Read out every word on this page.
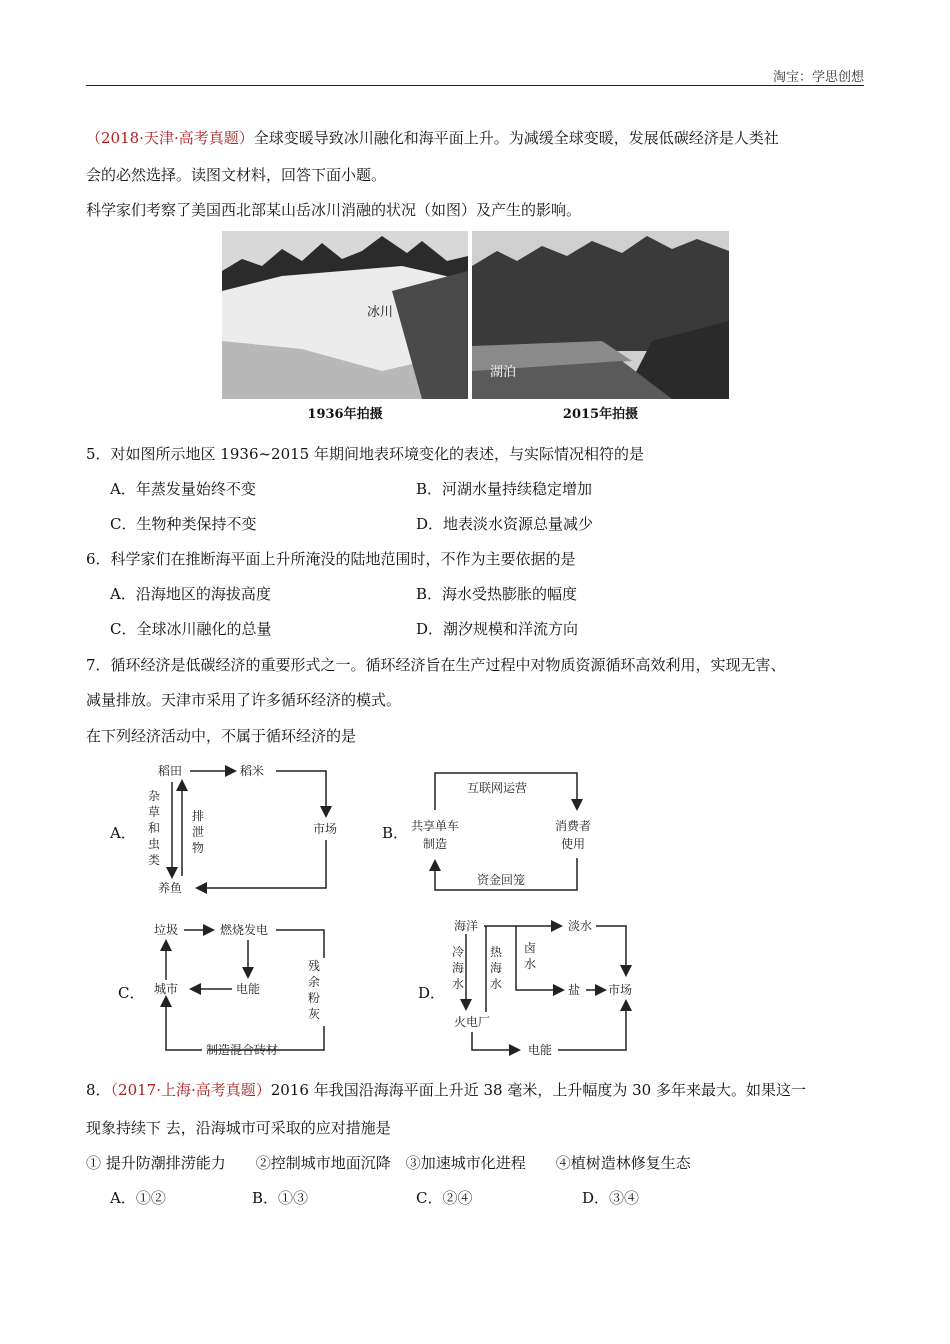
淘宝：学思创想
（2018·天津·高考真题）全球变暖导致冰川融化和海平面上升。为减缓全球变暖，发展低碳经济是人类社
会的必然选择。读图文材料，回答下面小题。
科学家们考察了美国西北部某山岳冰川消融的状况（如图）及产生的影响。
冰川
1936年拍摄
湖泊
2015年拍摄
5．对如图所示地区 1936~2015 年期间地表环境变化的表述，与实际情况相符的是
A．年蒸发量始终不变	B．河湖水量持续稳定增加
C．生物种类保持不变	D．地表淡水资源总量减少
6．科学家们在推断海平面上升所淹没的陆地范围时，不作为主要依据的是
A．沿海地区的海拔高度	B．海水受热膨胀的幅度
C．全球冰川融化的总量	D．潮汐规模和洋流方向
7．循环经济是低碳经济的重要形式之一。循环经济旨在生产过程中对物质资源循环高效利用，实现无害、
减量排放。天津市采用了许多循环经济的模式。
在下列经济活动中，不属于循环经济的是
A．	B．
C．	D．
稻田	稻米
市场
养鱼
杂
草
和
虫
类
排
泄
物
互联网运营
共享单车
制造
消费者
使用
资金回笼
垃圾	燃烧发电
残
余
粉
灰
制造混合砖材
城市	电能
海洋	淡水
冷
海
水
热
海
水
卤
水
盐 市场
火电厂
电能
8．（2017·上海·高考真题）2016 年我国沿海海平面上升近 38 毫米，上升幅度为 30 多年来最大。如果这一
现象持续下 去，沿海城市可采取的应对措施是
① 提升防潮排涝能力　　②控制城市地面沉降　③加速城市化进程　　④植树造林修复生态
A．①②	B．①③	C．②④	D．③④
